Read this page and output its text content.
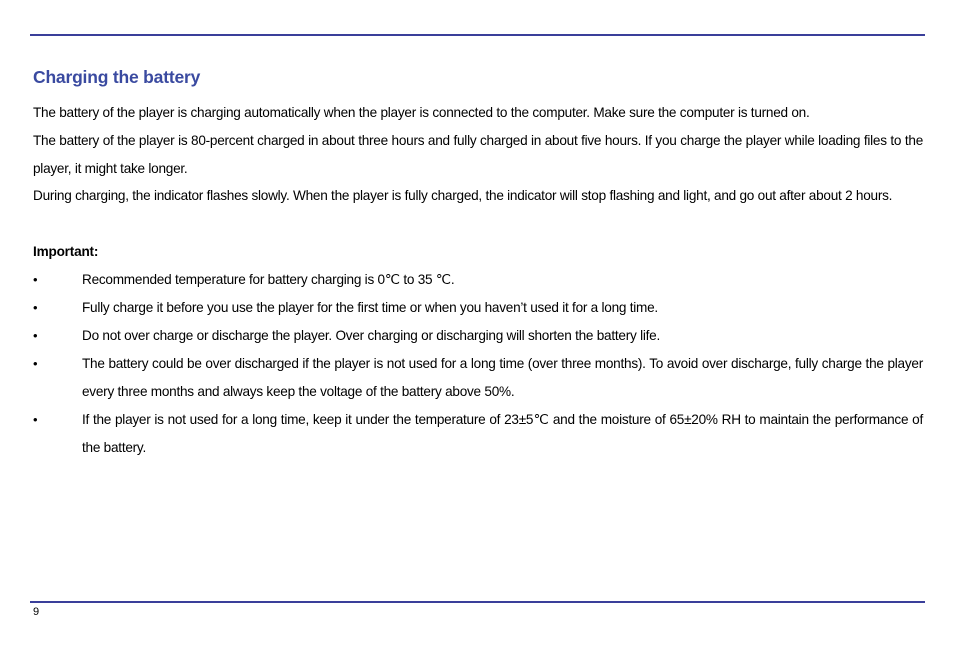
Charging the battery

The battery of the player is charging automatically when the player is connected to the computer. Make sure the computer is turned on.

The battery of the player is 80-percent charged in about three hours and fully charged in about five hours. If you charge the player while loading files to the player, it might take longer.

During charging, the indicator flashes slowly. When the player is fully charged, the indicator will stop flashing and light, and go out after about 2 hours.

Important:

•	Recommended temperature for battery charging is 0℃ to 35 ℃.
•	Fully charge it before you use the player for the first time or when you haven’t used it for a long time.
•	Do not over charge or discharge the player. Over charging or discharging will shorten the battery life.
•	The battery could be over discharged if the player is not used for a long time (over three months). To avoid over discharge, fully charge the player every three months and always keep the voltage of the battery above 50%.
•	If the player is not used for a long time, keep it under the temperature of 23±5℃ and the moisture of 65±20% RH to maintain the performance of the battery.

9
